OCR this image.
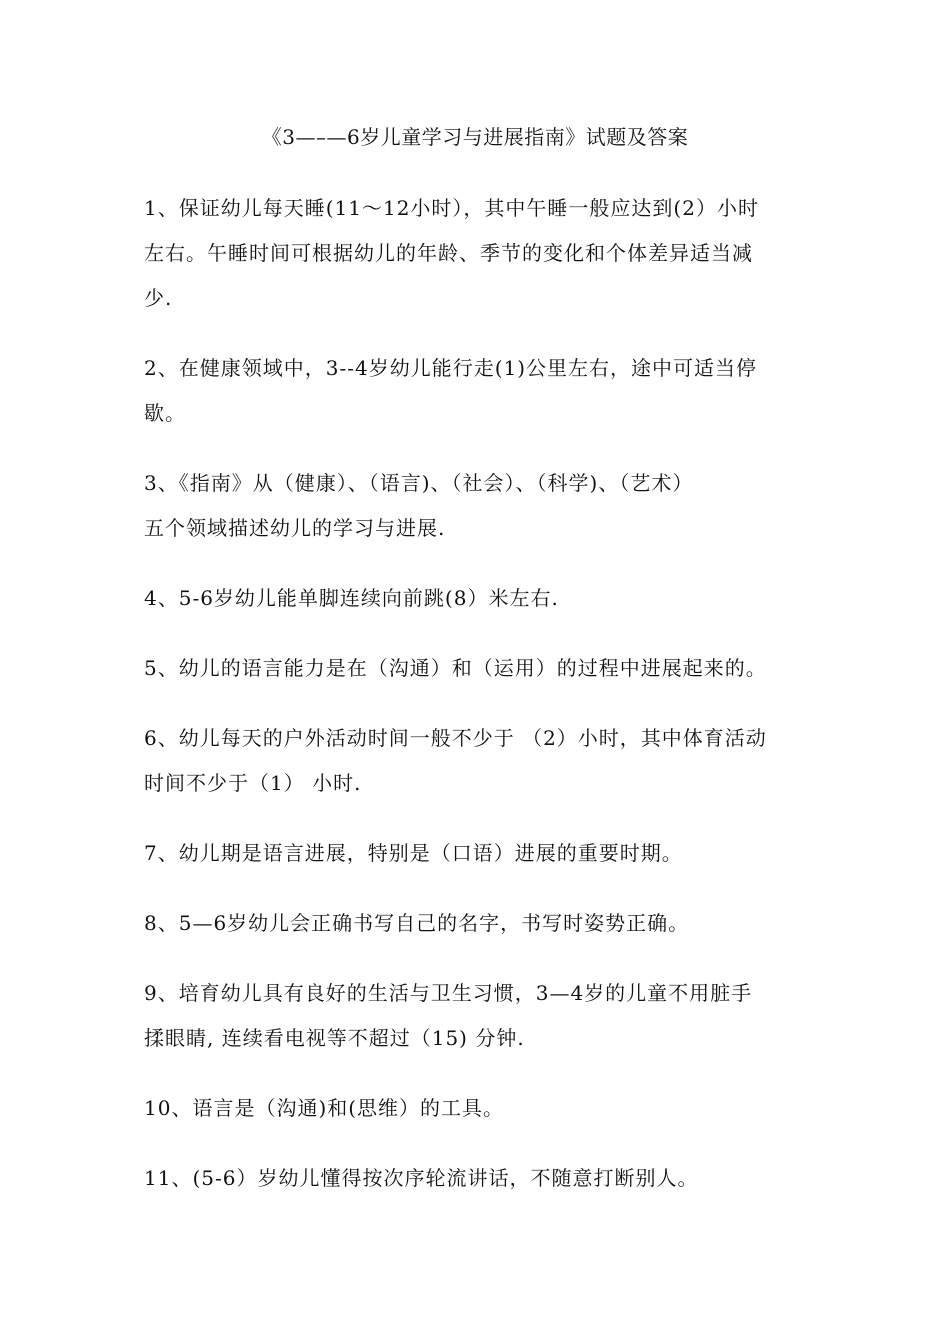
《3—–—6岁儿童学习与进展指南》试题及答案
1、保证幼儿每天睡(11～12小时），其中午睡一般应达到(2）小时
左右。午睡时间可根据幼儿的年龄、季节的变化和个体差异适当减
少.
2、在健康领域中，3--4岁幼儿能行走(1)公里左右，途中可适当停
歇。
3、《指南》从（健康）、（语言)、（社会）、（科学)、（艺术）
五个领域描述幼儿的学习与进展.
4、5-6岁幼儿能单脚连续向前跳(8）米左右.
5、幼儿的语言能力是在（沟通）和（运用）的过程中进展起来的。
6、幼儿每天的户外活动时间一般不少于 （2）小时，其中体育活动
时间不少于（1） 小时.
7、幼儿期是语言进展，特别是（口语）进展的重要时期。
8、5—6岁幼儿会正确书写自己的名字，书写时姿势正确。
9、培育幼儿具有良好的生活与卫生习惯，3—4岁的儿童不用脏手
揉眼睛, 连续看电视等不超过（15) 分钟.
10、语言是（沟通)和(思维）的工具。
11、(5-6）岁幼儿懂得按次序轮流讲话，不随意打断别人。
